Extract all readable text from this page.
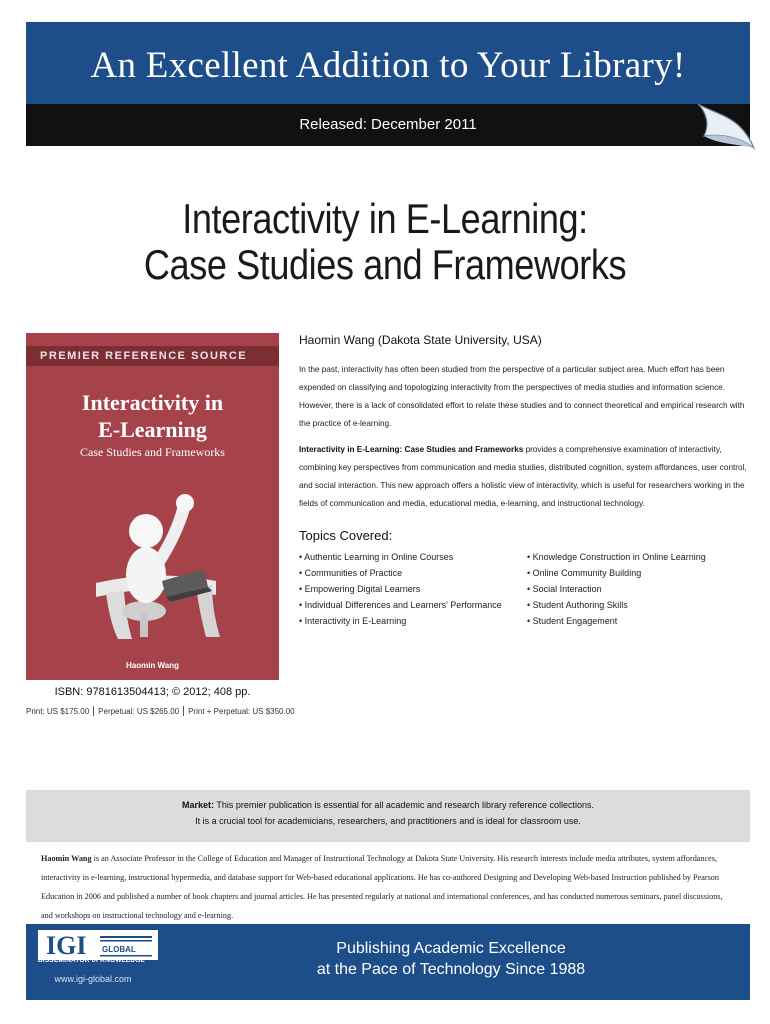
An Excellent Addition to Your Library!
Released: December 2011
Interactivity in E-Learning:
Case Studies and Frameworks
PREMIER REFERENCE SOURCE
Interactivity in
E-Learning
Case Studies and Frameworks
Haomin Wang
ISBN: 9781613504413; © 2012; 408 pp.
Print: US $175.00 Perpetual: US $265.00 Print + Perpetual: US $350.00
Haomin Wang (Dakota State University, USA)

In the past, interactivity has often been studied from the perspective of a particular subject area. Much effort has been expended on classifying and topologizing interactivity from the perspectives of media studies and information science. However, there is a lack of consolidated effort to relate these studies and to connect theoretical and empirical research with the practice of e-learning.

Interactivity in E-Learning: Case Studies and Frameworks provides a comprehensive examination of interactivity, combining key perspectives from communication and media studies, distributed cognition, system affordances, user control, and social interaction. This new approach offers a holistic view of interactivity, which is useful for researchers working in the fields of communication and media, educational media, e-learning, and instructional technology.

Topics Covered:
• Authentic Learning in Online Courses
• Communities of Practice
• Empowering Digital Learners
• Individual Differences and Learners' Performance
• Interactivity in E-Learning
• Knowledge Construction in Online Learning
• Online Community Building
• Social Interaction
• Student Authoring Skills
• Student Engagement
Market: This premier publication is essential for all academic and research library reference collections.
It is a crucial tool for academicians, researchers, and practitioners and is ideal for classroom use.

Haomin Wang is an Associate Professor in the College of Education and Manager of Instructional Technology at Dakota State University. His research interests include media attributes, system affordances, interactivity in e-learning, instructional hypermedia, and database support for Web-based educational applications. He has co-authored Designing and Developing Web-based Instruction published by Pearson Education in 2006 and published a number of book chapters and journal articles. He has presented regularly at national and international conferences, and has conducted numerous seminars, panel discussions, and workshops on instructional technology and e-learning.

IGI GLOBAL
DISSEMINATOR of KNOWLEDGE
www.igi-global.com
Publishing Academic Excellence
at the Pace of Technology Since 1988
